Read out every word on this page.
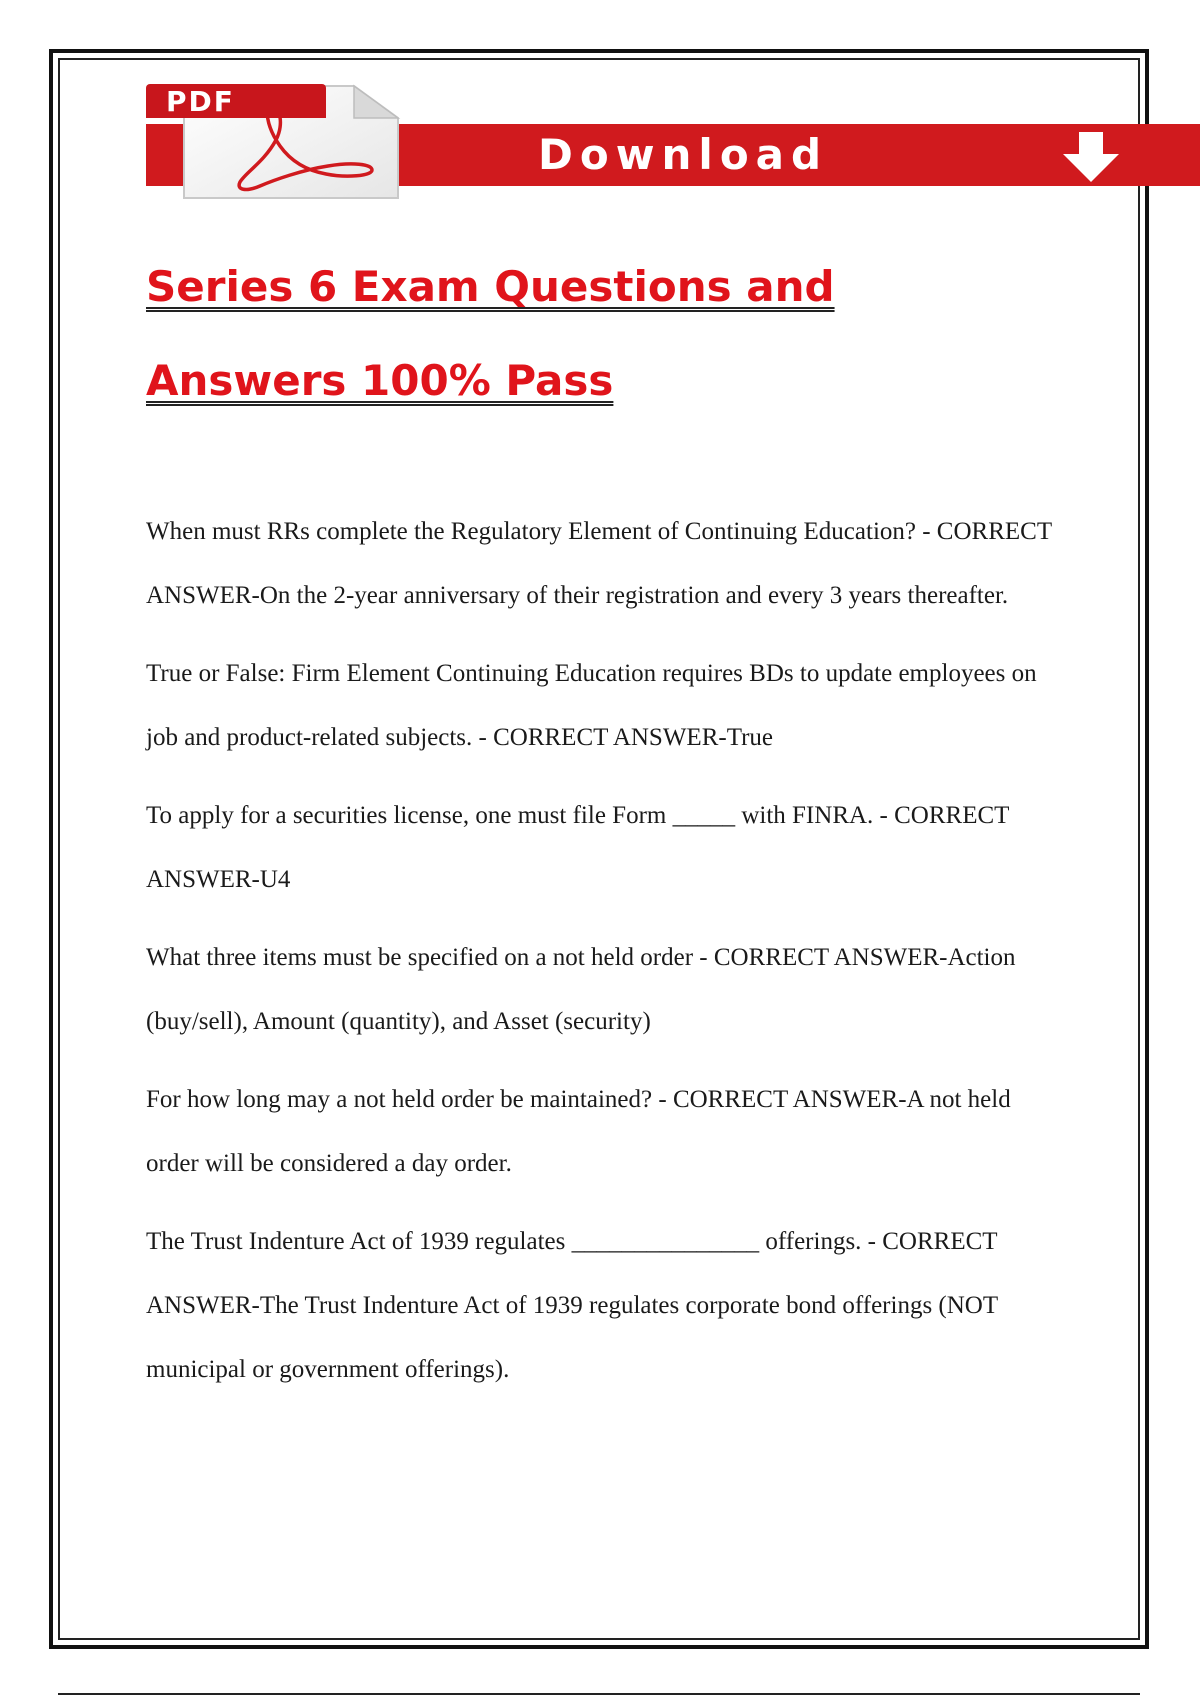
Download
PDF
Series 6 Exam Questions and
Answers 100% Pass

When must RRs complete the Regulatory Element of Continuing Education? - CORRECT ANSWER-On the 2-year anniversary of their registration and every 3 years thereafter.

True or False: Firm Element Continuing Education requires BDs to update employees on job and product-related subjects. - CORRECT ANSWER-True

To apply for a securities license, one must file Form _____ with FINRA. - CORRECT ANSWER-U4

What three items must be specified on a not held order - CORRECT ANSWER-Action (buy/sell), Amount (quantity), and Asset (security)

For how long may a not held order be maintained? - CORRECT ANSWER-A not held order will be considered a day order.

The Trust Indenture Act of 1939 regulates _______________ offerings. - CORRECT ANSWER-The Trust Indenture Act of 1939 regulates corporate bond offerings (NOT municipal or government offerings).
